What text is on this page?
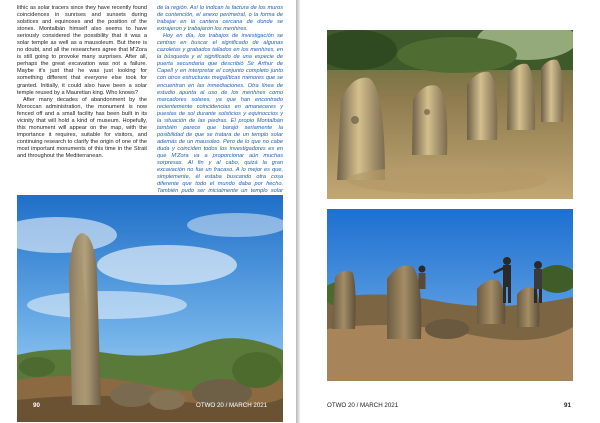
lithic as solar tracers since they have recently found coincidences in sunrises and sunsets during solstices and equinoxes and the position of the stones. Montalbán himself also seems to have seriously considered the possibility that it was a solar temple as well as a mausoleum. But there is no doubt, and all the researchers agree that M'Zora is still going to provoke many surprises. After all, perhaps the great excavation was not a failure. Maybe it's just that he was just looking for something different that everyone else took for granted. Initially, it could also have been a solar temple reused by a Mauretian king. Who knows?

After many decades of abandonment by the Moroccan administration, the monument is now fenced off and a small facility has been built in its vicinity that will hold a kind of museum. Hopefully, this monument will appear on the map, with the importance it requires, suitable for visitors, and continuing research to clarify the origin of one of the most important monuments of this time in the Strait and throughout the Mediterranean.

de la región. Así lo indican la factura de los muros de contención, el anexo perimetral, o la forma de trabajar en la cantera cercana de donde se extrajeron y trabajaron los menhires.

Hoy en día, los trabajos de investigación se centran en buscar el significado de algunas cazoletas y grabados tallados en los menhires, en la búsqueda y el significado de una especie de puerta secundaria que describió Sir Arthur de Capell y en interpretar el conjunto completo junto con otros estructuras megalíticas menores que se encuentran en las inmediaciones. Otra línea de estudio apunta al uso de los menhires como marcadores solares, ya que han encontrado recientemente coincidencias en amaneceres y puestas de sol durante solsticios y equinoccios y la situación de las piedras. El propio Montalbán también parece que barajó seriamente la posibilidad de que se tratara de un templo solar además de un mausoleo. Pero de lo que no cabe duda y coinciden todos los investigadores es en que M'Zora va a proporcionar aún muchas sorpresas. Al fin y al cabo, quizá la gran excavación no fue un fracaso. A lo mejor es que, simplemente, él estaba buscando otra cosa diferente que todo el mundo daba por hecho. También pudo ser inicialmente un templo solar

90	OTWO 20 / MARCH 2021	OTWO 20 / MARCH 2021	91
